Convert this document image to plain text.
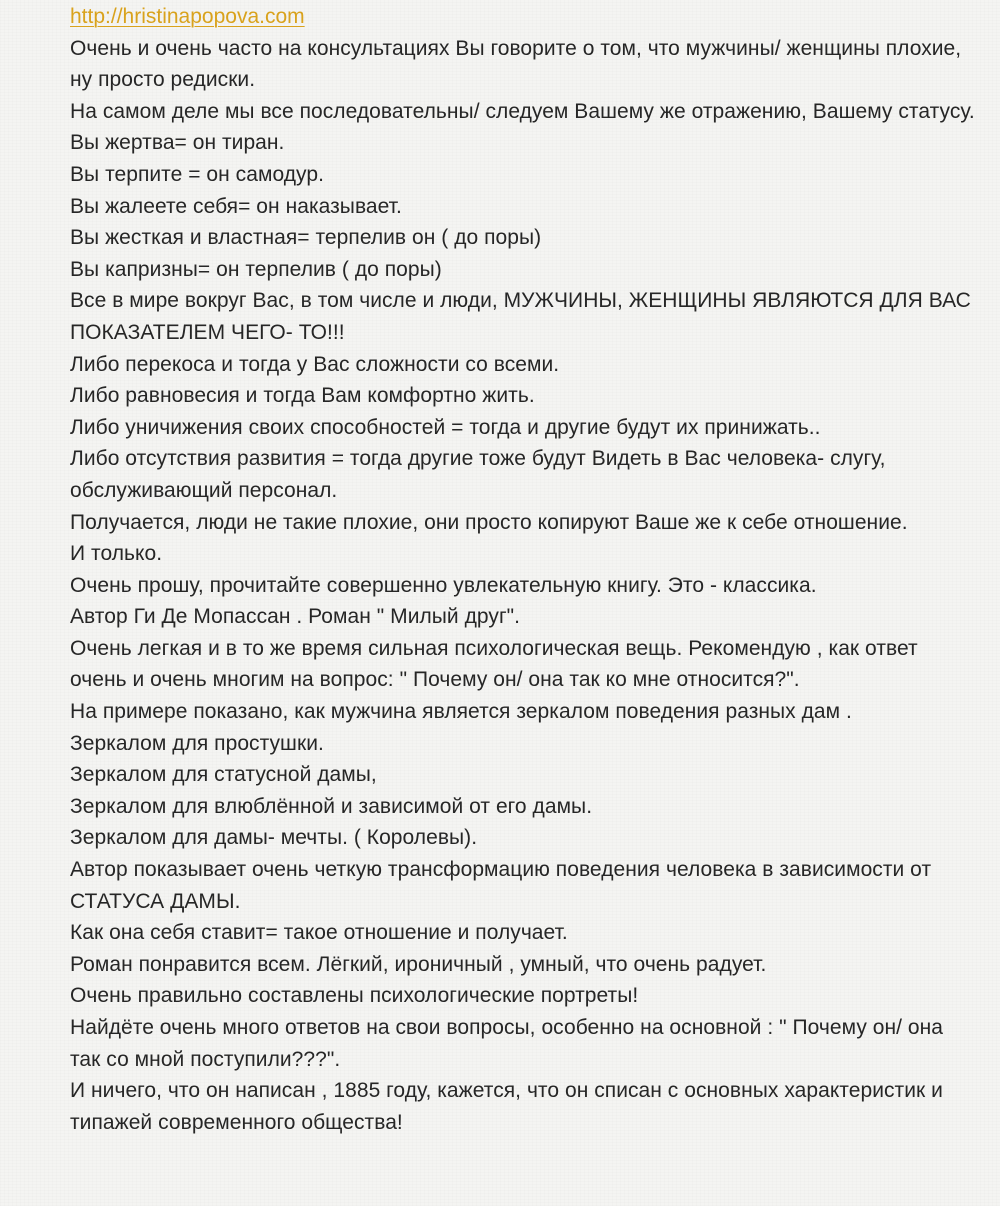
http://hristinapopova.com

Очень и очень часто на консультациях Вы говорите о том, что мужчины/ женщины плохие, ну просто редиски.

На самом деле мы все последовательны/ следуем Вашему же отражению, Вашему статусу.

Вы жертва= он тиран.

Вы терпите = он самодур.

Вы жалеете себя= он наказывает.

Вы жесткая и властная= терпелив он ( до поры)

Вы капризны= он терпелив ( до поры)

Все в мире вокруг Вас, в том числе и люди, МУЖЧИНЫ, ЖЕНЩИНЫ ЯВЛЯЮТСЯ ДЛЯ ВАС ПОКАЗАТЕЛЕМ ЧЕГО- ТО!!!

Либо перекоса и тогда у Вас сложности со всеми.

Либо равновесия и тогда Вам комфортно жить.

Либо уничижения своих способностей = тогда и другие будут их принижать..

Либо отсутствия развития = тогда другие тоже будут Видеть в Вас человека- слугу, обслуживающий персонал.

Получается, люди не такие плохие, они просто копируют Ваше же к себе отношение.

И только.

Очень прошу, прочитайте совершенно увлекательную книгу. Это - классика.

Автор Ги Де Мопассан . Роман " Милый друг".

Очень легкая и в то же время сильная психологическая вещь. Рекомендую , как ответ очень и очень многим на вопрос: " Почему он/ она так ко мне относится?".

На примере показано, как мужчина является зеркалом поведения разных дам .

Зеркалом для простушки.

Зеркалом для статусной дамы,

Зеркалом для влюблённой и зависимой от его дамы.

Зеркалом для дамы- мечты. ( Королевы).

Автор показывает очень четкую трансформацию поведения человека в зависимости от СТАТУСА ДАМЫ.

Как она себя ставит= такое отношение и получает.

Роман понравится всем. Лёгкий, ироничный , умный, что очень радует.

Очень правильно составлены психологические портреты!

Найдёте очень много ответов на свои вопросы, особенно на основной : " Почему он/ она так со мной поступили???".

И ничего, что он написан , 1885 году, кажется, что он списан с основных характеристик и типажей современного общества!
